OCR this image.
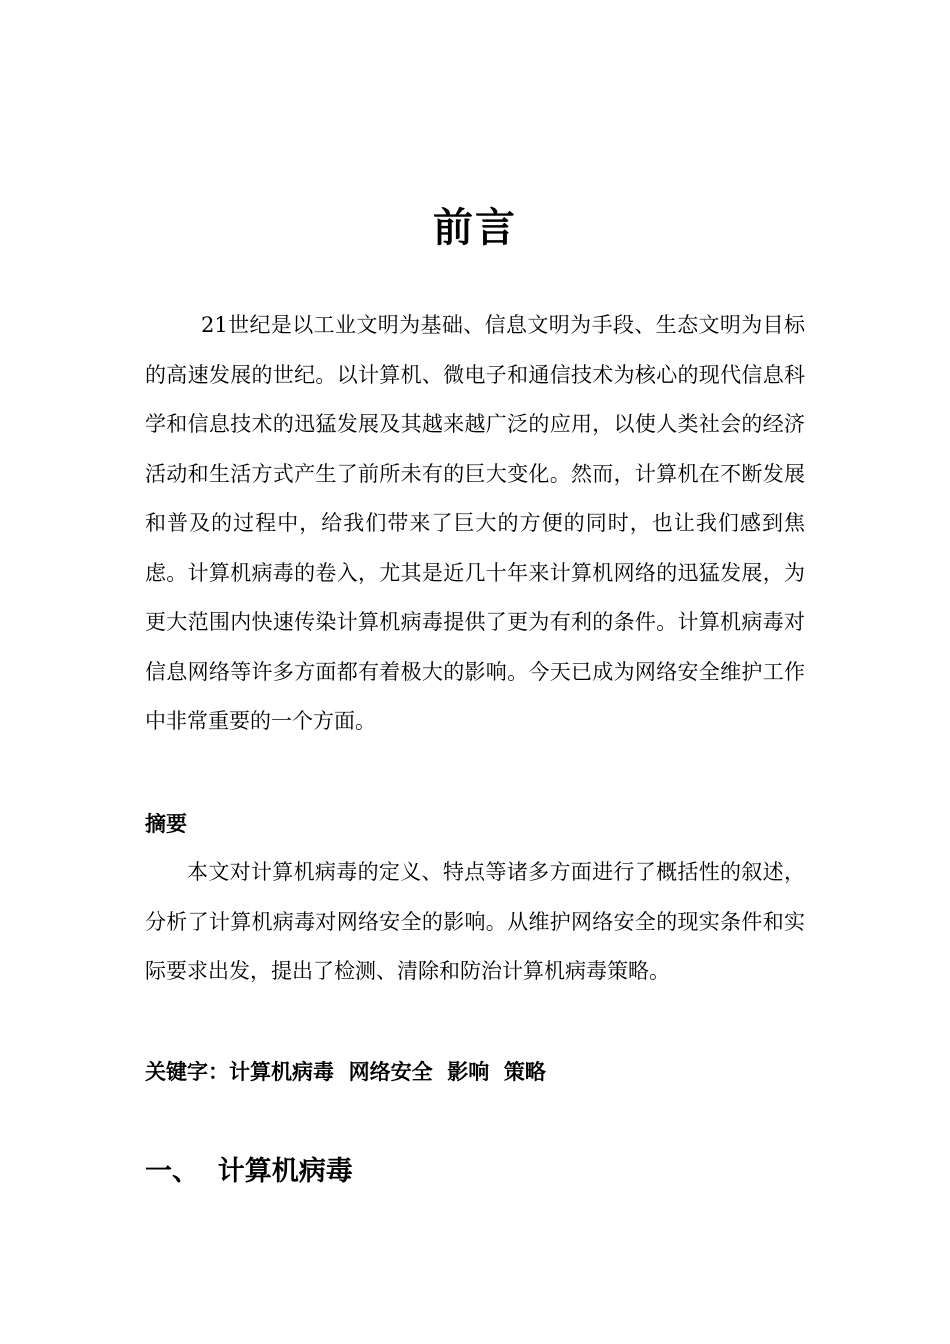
前言

21世纪是以工业文明为基础、信息文明为手段、生态文明为目标的高速发展的世纪。以计算机、微电子和通信技术为核心的现代信息科学和信息技术的迅猛发展及其越来越广泛的应用，以使人类社会的经济活动和生活方式产生了前所未有的巨大变化。然而，计算机在不断发展和普及的过程中，给我们带来了巨大的方便的同时，也让我们感到焦虑。计算机病毒的卷入，尤其是近几十年来计算机网络的迅猛发展，为更大范围内快速传染计算机病毒提供了更为有利的条件。计算机病毒对信息网络等许多方面都有着极大的影响。今天已成为网络安全维护工作中非常重要的一个方面。

摘要

本文对计算机病毒的定义、特点等诸多方面进行了概括性的叙述，分析了计算机病毒对网络安全的影响。从维护网络安全的现实条件和实际要求出发，提出了检测、清除和防治计算机病毒策略。

关键字：计算机病毒  网络安全  影响  策略
一、  计算机病毒
